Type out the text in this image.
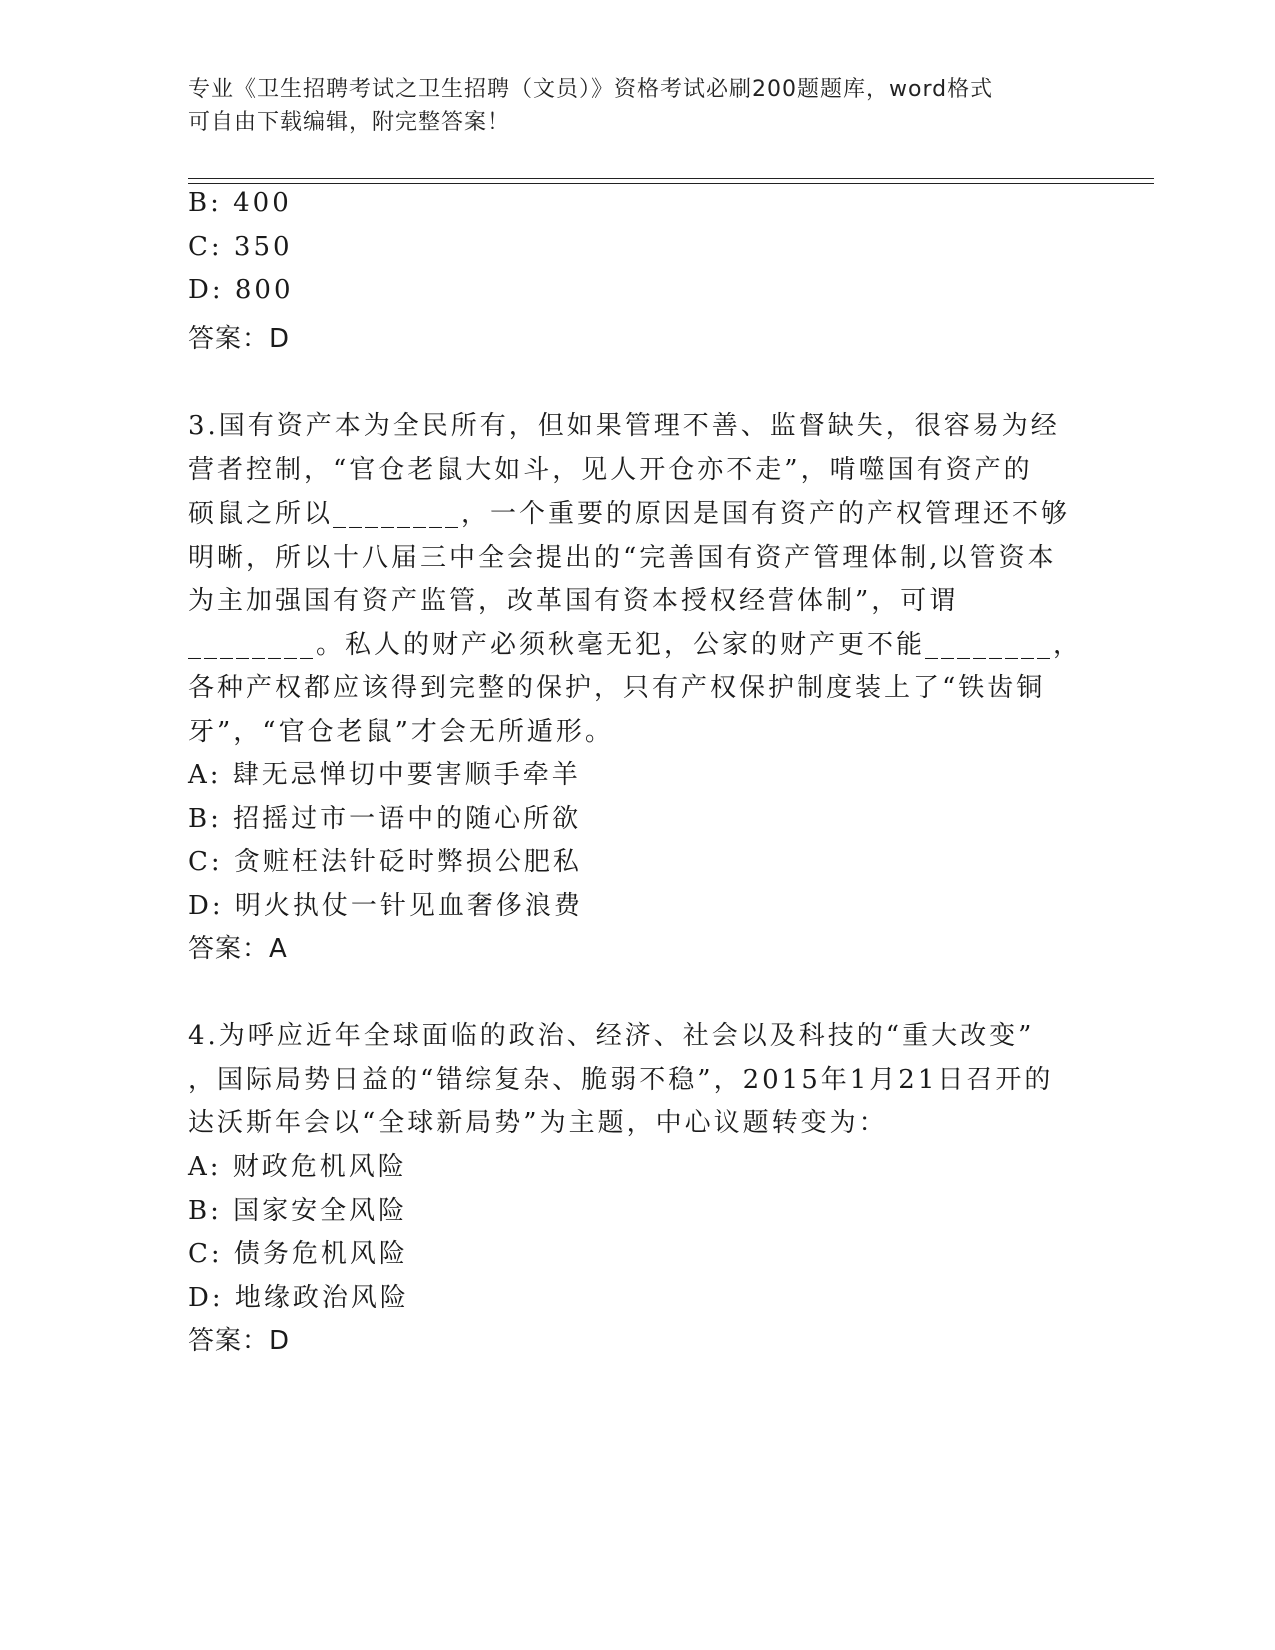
专业《卫生招聘考试之卫生招聘（文员）》资格考试必刷200题题库，word格式
可自由下载编辑，附完整答案！
B: 400
C: 350
D: 800
答案：D
3.国有资产本为全民所有，但如果管理不善、监督缺失，很容易为经
营者控制，“官仓老鼠大如斗，见人开仓亦不走”，啃噬国有资产的
硕鼠之所以________，一个重要的原因是国有资产的产权管理还不够
明晰，所以十八届三中全会提出的“完善国有资产管理体制,以管资本
为主加强国有资产监管，改革国有资本授权经营体制”，可谓
________。私人的财产必须秋毫无犯，公家的财产更不能________，
各种产权都应该得到完整的保护，只有产权保护制度装上了“铁齿铜
牙”，“官仓老鼠”才会无所遁形。
A: 肆无忌惮切中要害顺手牵羊
B: 招摇过市一语中的随心所欲
C: 贪赃枉法针砭时弊损公肥私
D: 明火执仗一针见血奢侈浪费
答案：A
4.为呼应近年全球面临的政治、经济、社会以及科技的“重大改变”
，国际局势日益的“错综复杂、脆弱不稳”，2015年1月21日召开的
达沃斯年会以“全球新局势”为主题，中心议题转变为：
A: 财政危机风险
B: 国家安全风险
C: 债务危机风险
D: 地缘政治风险
答案：D
